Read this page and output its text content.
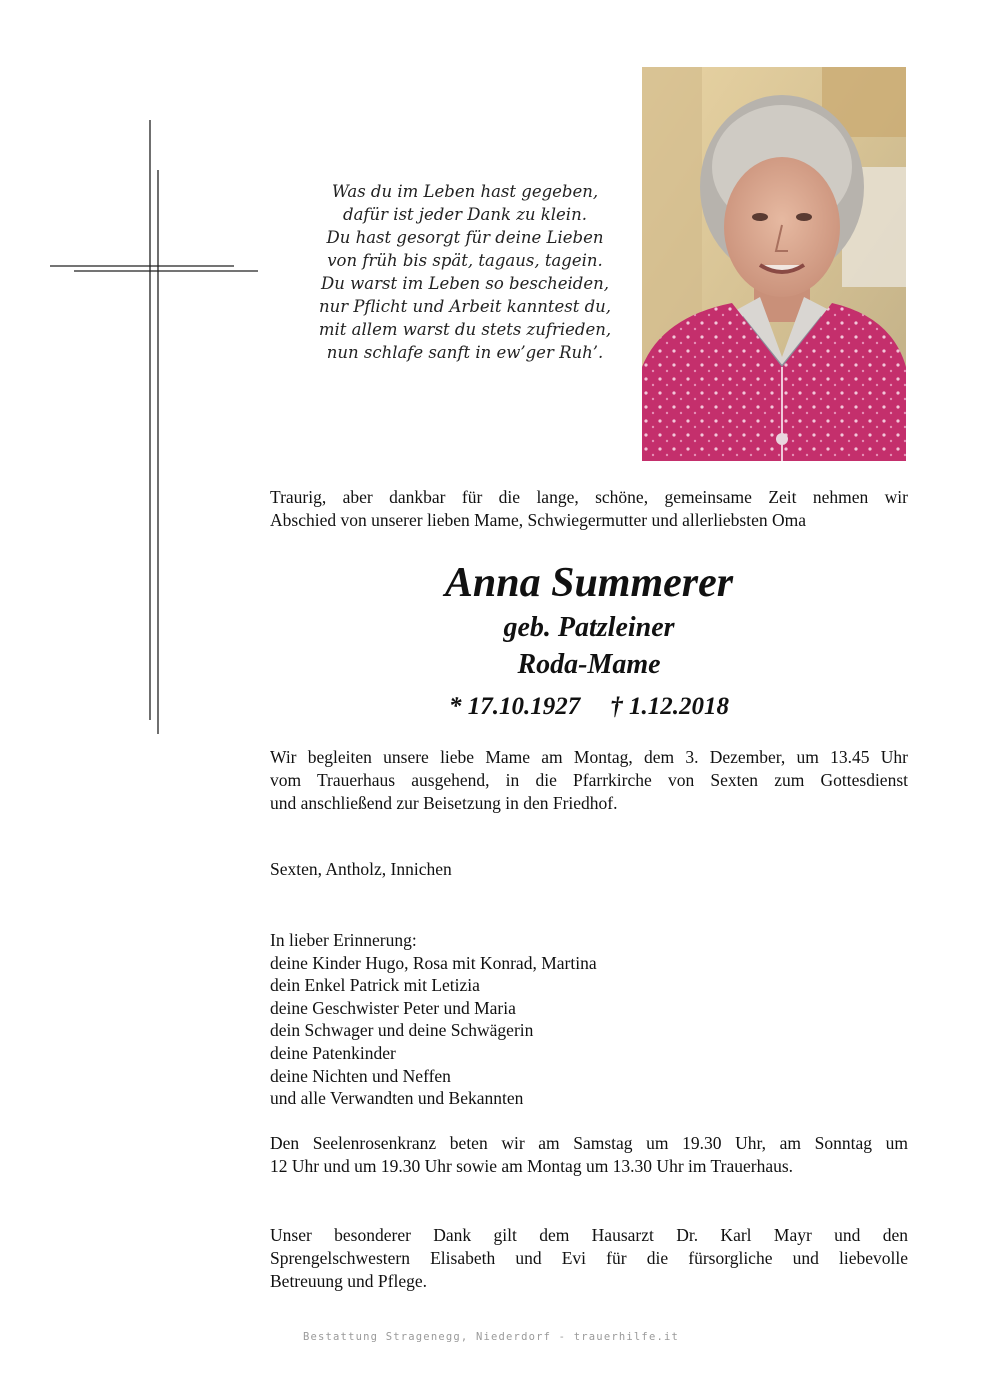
Was du im Leben hast gegeben,
dafür ist jeder Dank zu klein.
Du hast gesorgt für deine Lieben
von früh bis spät, tagaus, tagein.
Du warst im Leben so bescheiden,
nur Pflicht und Arbeit kanntest du,
mit allem warst du stets zufrieden,
nun schlafe sanft in ew’ger Ruh’.
Traurig, aber dankbar für die lange, schöne, gemeinsame Zeit nehmen wir
Abschied von unserer lieben Mame, Schwiegermutter und allerliebsten Oma
Anna Summerer
geb. Patzleiner
Roda-Mame
* 17.10.1927 † 1.12.2018
Wir begleiten unsere liebe Mame am Montag, dem 3. Dezember, um 13.45 Uhr
vom Trauerhaus ausgehend, in die Pfarrkirche von Sexten zum Gottesdienst
und anschließend zur Beisetzung in den Friedhof.
Sexten, Antholz, Innichen
In lieber Erinnerung:
deine Kinder Hugo, Rosa mit Konrad, Martina
dein Enkel Patrick mit Letizia
deine Geschwister Peter und Maria
dein Schwager und deine Schwägerin
deine Patenkinder
deine Nichten und Neffen
und alle Verwandten und Bekannten
Den Seelenrosenkranz beten wir am Samstag um 19.30 Uhr, am Sonntag um
12 Uhr und um 19.30 Uhr sowie am Montag um 13.30 Uhr im Trauerhaus.
Unser besonderer Dank gilt dem Hausarzt Dr. Karl Mayr und den
Sprengelschwestern Elisabeth und Evi für die fürsorgliche und liebevolle
Betreuung und Pflege.
Bestattung Stragenegg, Niederdorf - trauerhilfe.it
